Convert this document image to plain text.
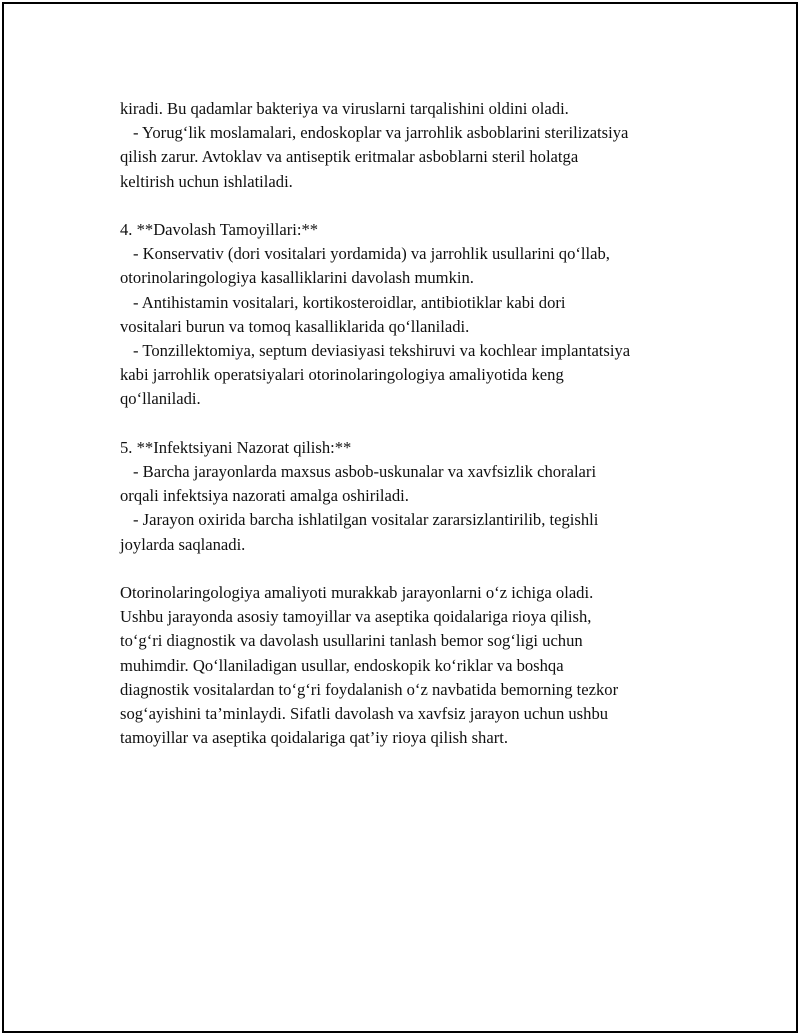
kiradi. Bu qadamlar bakteriya va viruslarni tarqalishini oldini oladi.

- Yorug‘lik moslamalari, endoskoplar va jarrohlik asboblarini sterilizatsiya
qilish zarur. Avtoklav va antiseptik eritmalar asboblarni steril holatga
keltirish uchun ishlatiladi.

4. **Davolash Tamoyillari:**

- Konservativ (dori vositalari yordamida) va jarrohlik usullarini qo‘llab,
otorinolaringologiya kasalliklarini davolash mumkin.

- Antihistamin vositalari, kortikosteroidlar, antibiotiklar kabi dori
vositalari burun va tomoq kasalliklarida qo‘llaniladi.

- Tonzillektomiya, septum deviasiyasi tekshiruvi va kochlear implantatsiya
kabi jarrohlik operatsiyalari otorinolaringologiya amaliyotida keng
qo‘llaniladi.

5. **Infektsiyani Nazorat qilish:**

- Barcha jarayonlarda maxsus asbob-uskunalar va xavfsizlik choralari
orqali infektsiya nazorati amalga oshiriladi.

- Jarayon oxirida barcha ishlatilgan vositalar zararsizlantirilib, tegishli
joylarda saqlanadi.

Otorinolaringologiya amaliyoti murakkab jarayonlarni o‘z ichiga oladi.
Ushbu jarayonda asosiy tamoyillar va aseptika qoidalariga rioya qilish,
to‘g‘ri diagnostik va davolash usullarini tanlash bemor sog‘ligi uchun
muhimdir. Qo‘llaniladigan usullar, endoskopik ko‘riklar va boshqa
diagnostik vositalardan to‘g‘ri foydalanish o‘z navbatida bemorning tezkor
sog‘ayishini ta’minlaydi. Sifatli davolash va xavfsiz jarayon uchun ushbu
tamoyillar va aseptika qoidalariga qat’iy rioya qilish shart.
